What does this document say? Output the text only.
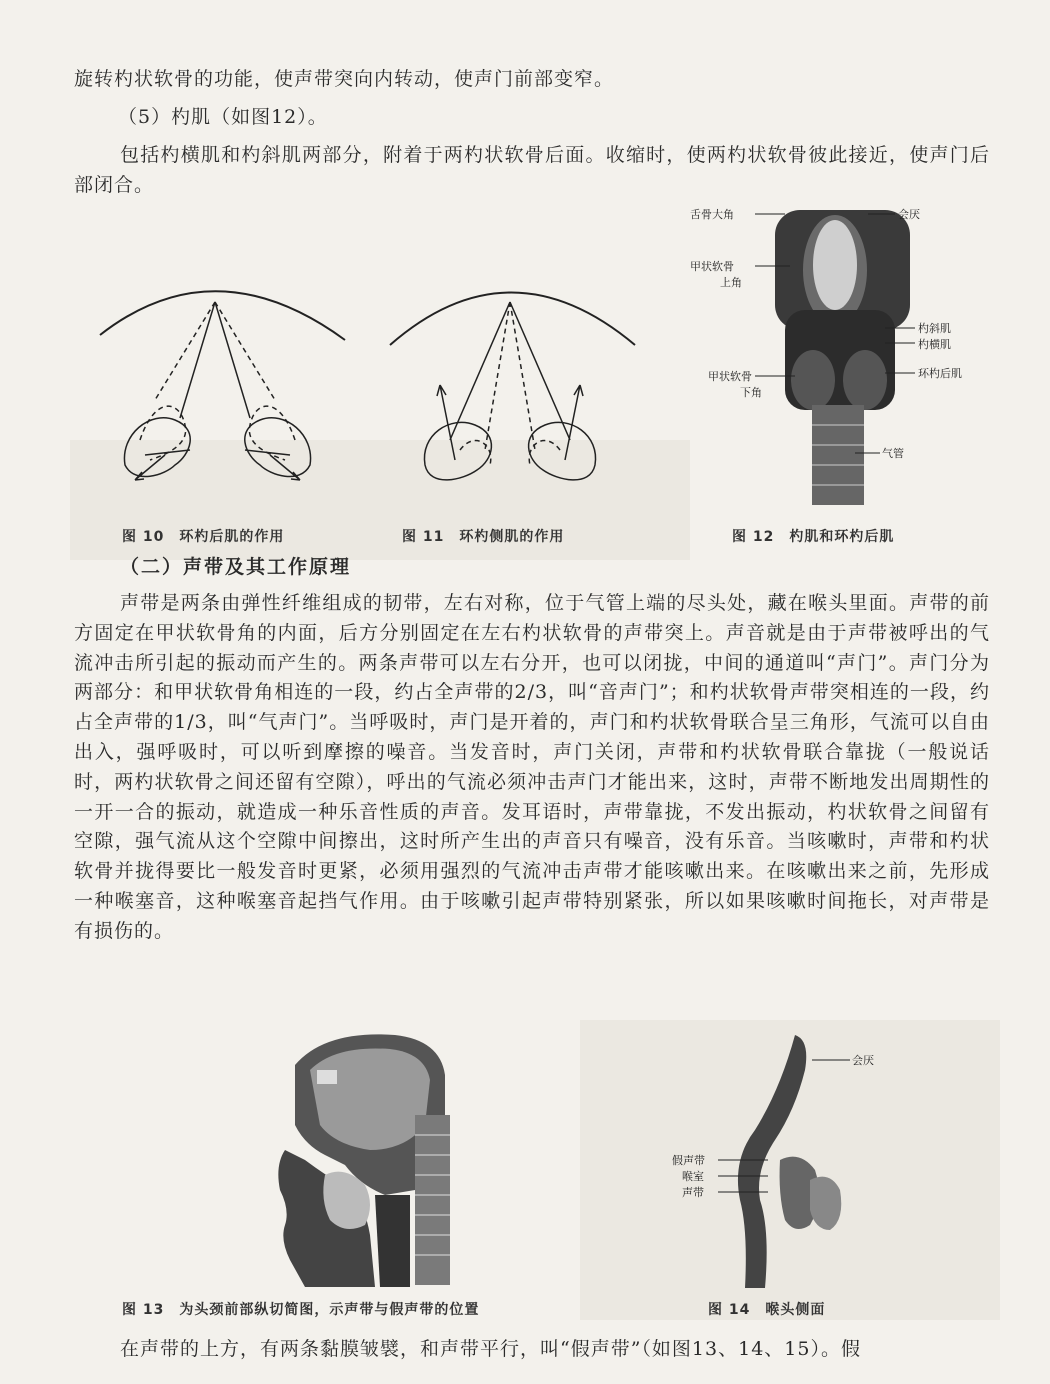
旋转杓状软骨的功能，使声带突向内转动，使声门前部变窄。

（5）杓肌（如图12）。

包括杓横肌和杓斜肌两部分，附着于两杓状软骨后面。收缩时，使两杓状软骨彼此接近，使声门后部闭合。

舌骨大角	会厌
甲状软骨
上角
杓斜肌
杓横肌
环杓后肌
甲状软骨
下角
气管
图 10　环杓后肌的作用	图 11　环杓侧肌的作用	图 12　杓肌和环杓后肌
（二）声带及其工作原理

声带是两条由弹性纤维组成的韧带，左右对称，位于气管上端的尽头处，藏在喉头里面。声带的前方固定在甲状软骨角的内面，后方分别固定在左右杓状软骨的声带突上。声音就是由于声带被呼出的气流冲击所引起的振动而产生的。两条声带可以左右分开，也可以闭拢，中间的通道叫“声门”。声门分为两部分：和甲状软骨角相连的一段，约占全声带的2/3，叫“音声门”；和杓状软骨声带突相连的一段，约占全声带的1/3，叫“气声门”。当呼吸时，声门是开着的，声门和杓状软骨联合呈三角形，气流可以自由出入，强呼吸时，可以听到摩擦的噪音。当发音时，声门关闭，声带和杓状软骨联合靠拢（一般说话时，两杓状软骨之间还留有空隙），呼出的气流必须冲击声门才能出来，这时，声带不断地发出周期性的一开一合的振动，就造成一种乐音性质的声音。发耳语时，声带靠拢，不发出振动，杓状软骨之间留有空隙，强气流从这个空隙中间擦出，这时所产生出的声音只有噪音，没有乐音。当咳嗽时，声带和杓状软骨并拢得要比一般发音时更紧，必须用强烈的气流冲击声带才能咳嗽出来。在咳嗽出来之前，先形成一种喉塞音，这种喉塞音起挡气作用。由于咳嗽引起声带特别紧张，所以如果咳嗽时间拖长，对声带是有损伤的。

会厌
假声带
喉室
声带
图 13　为头颈前部纵切简图，示声带与假声带的位置	图 14　喉头侧面

在声带的上方，有两条黏膜皱襞，和声带平行，叫“假声带”（如图13、14、15）。假
